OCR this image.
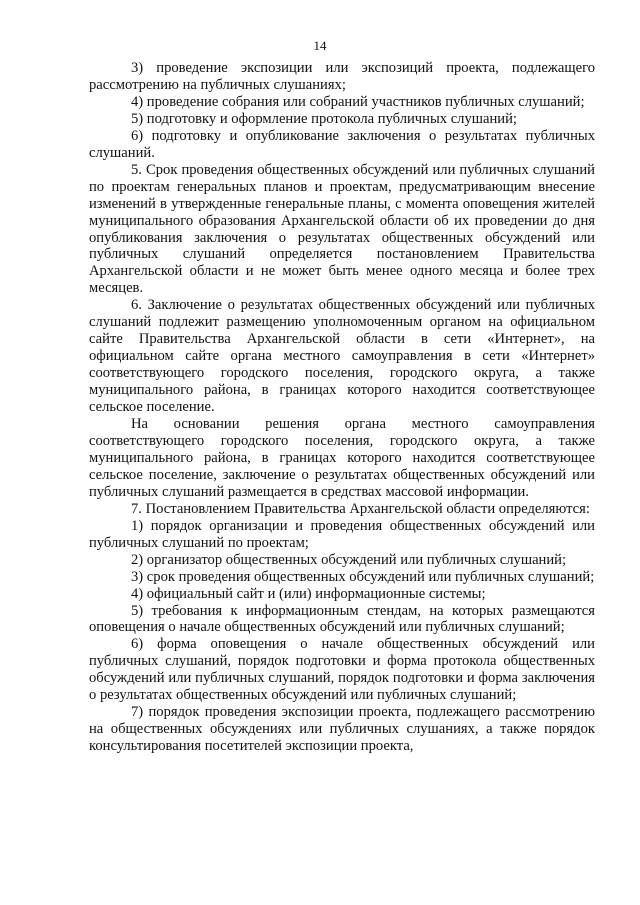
14

3) проведение экспозиции или экспозиций проекта, подлежащего рассмотрению на публичных слушаниях;

4) проведение собрания или собраний участников публичных слушаний;

5) подготовку и оформление протокола публичных слушаний;

6) подготовку и опубликование заключения о результатах публичных слушаний.

5. Срок проведения общественных обсуждений или публичных слушаний по проектам генеральных планов и проектам, предусматривающим внесение изменений в утвержденные генеральные планы, с момента оповещения жителей муниципального образования Архангельской области об их проведении до дня опубликования заключения о результатах общественных обсуждений или публичных слушаний определяется постановлением Правительства Архангельской области и не может быть менее одного месяца и более трех месяцев.

6. Заключение о результатах общественных обсуждений или публичных слушаний подлежит размещению уполномоченным органом на официальном сайте Правительства Архангельской области в сети «Интернет», на официальном сайте органа местного самоуправления в сети «Интернет» соответствующего городского поселения, городского округа, а также муниципального района, в границах которого находится соответствующее сельское поселение.

На основании решения органа местного самоуправления соответствующего городского поселения, городского округа, а также муниципального района, в границах которого находится соответствующее сельское поселение, заключение о результатах общественных обсуждений или публичных слушаний размещается в средствах массовой информации.

7. Постановлением Правительства Архангельской области определяются:

1) порядок организации и проведения общественных обсуждений или публичных слушаний по проектам;

2) организатор общественных обсуждений или публичных слушаний;

3) срок проведения общественных обсуждений или публичных слушаний;

4) официальный сайт и (или) информационные системы;

5) требования к информационным стендам, на которых размещаются оповещения о начале общественных обсуждений или публичных слушаний;

6) форма оповещения о начале общественных обсуждений или публичных слушаний, порядок подготовки и форма протокола общественных обсуждений или публичных слушаний, порядок подготовки и форма заключения о результатах общественных обсуждений или публичных слушаний;

7) порядок проведения экспозиции проекта, подлежащего рассмотрению на общественных обсуждениях или публичных слушаниях, а также порядок консультирования посетителей экспозиции проекта,
